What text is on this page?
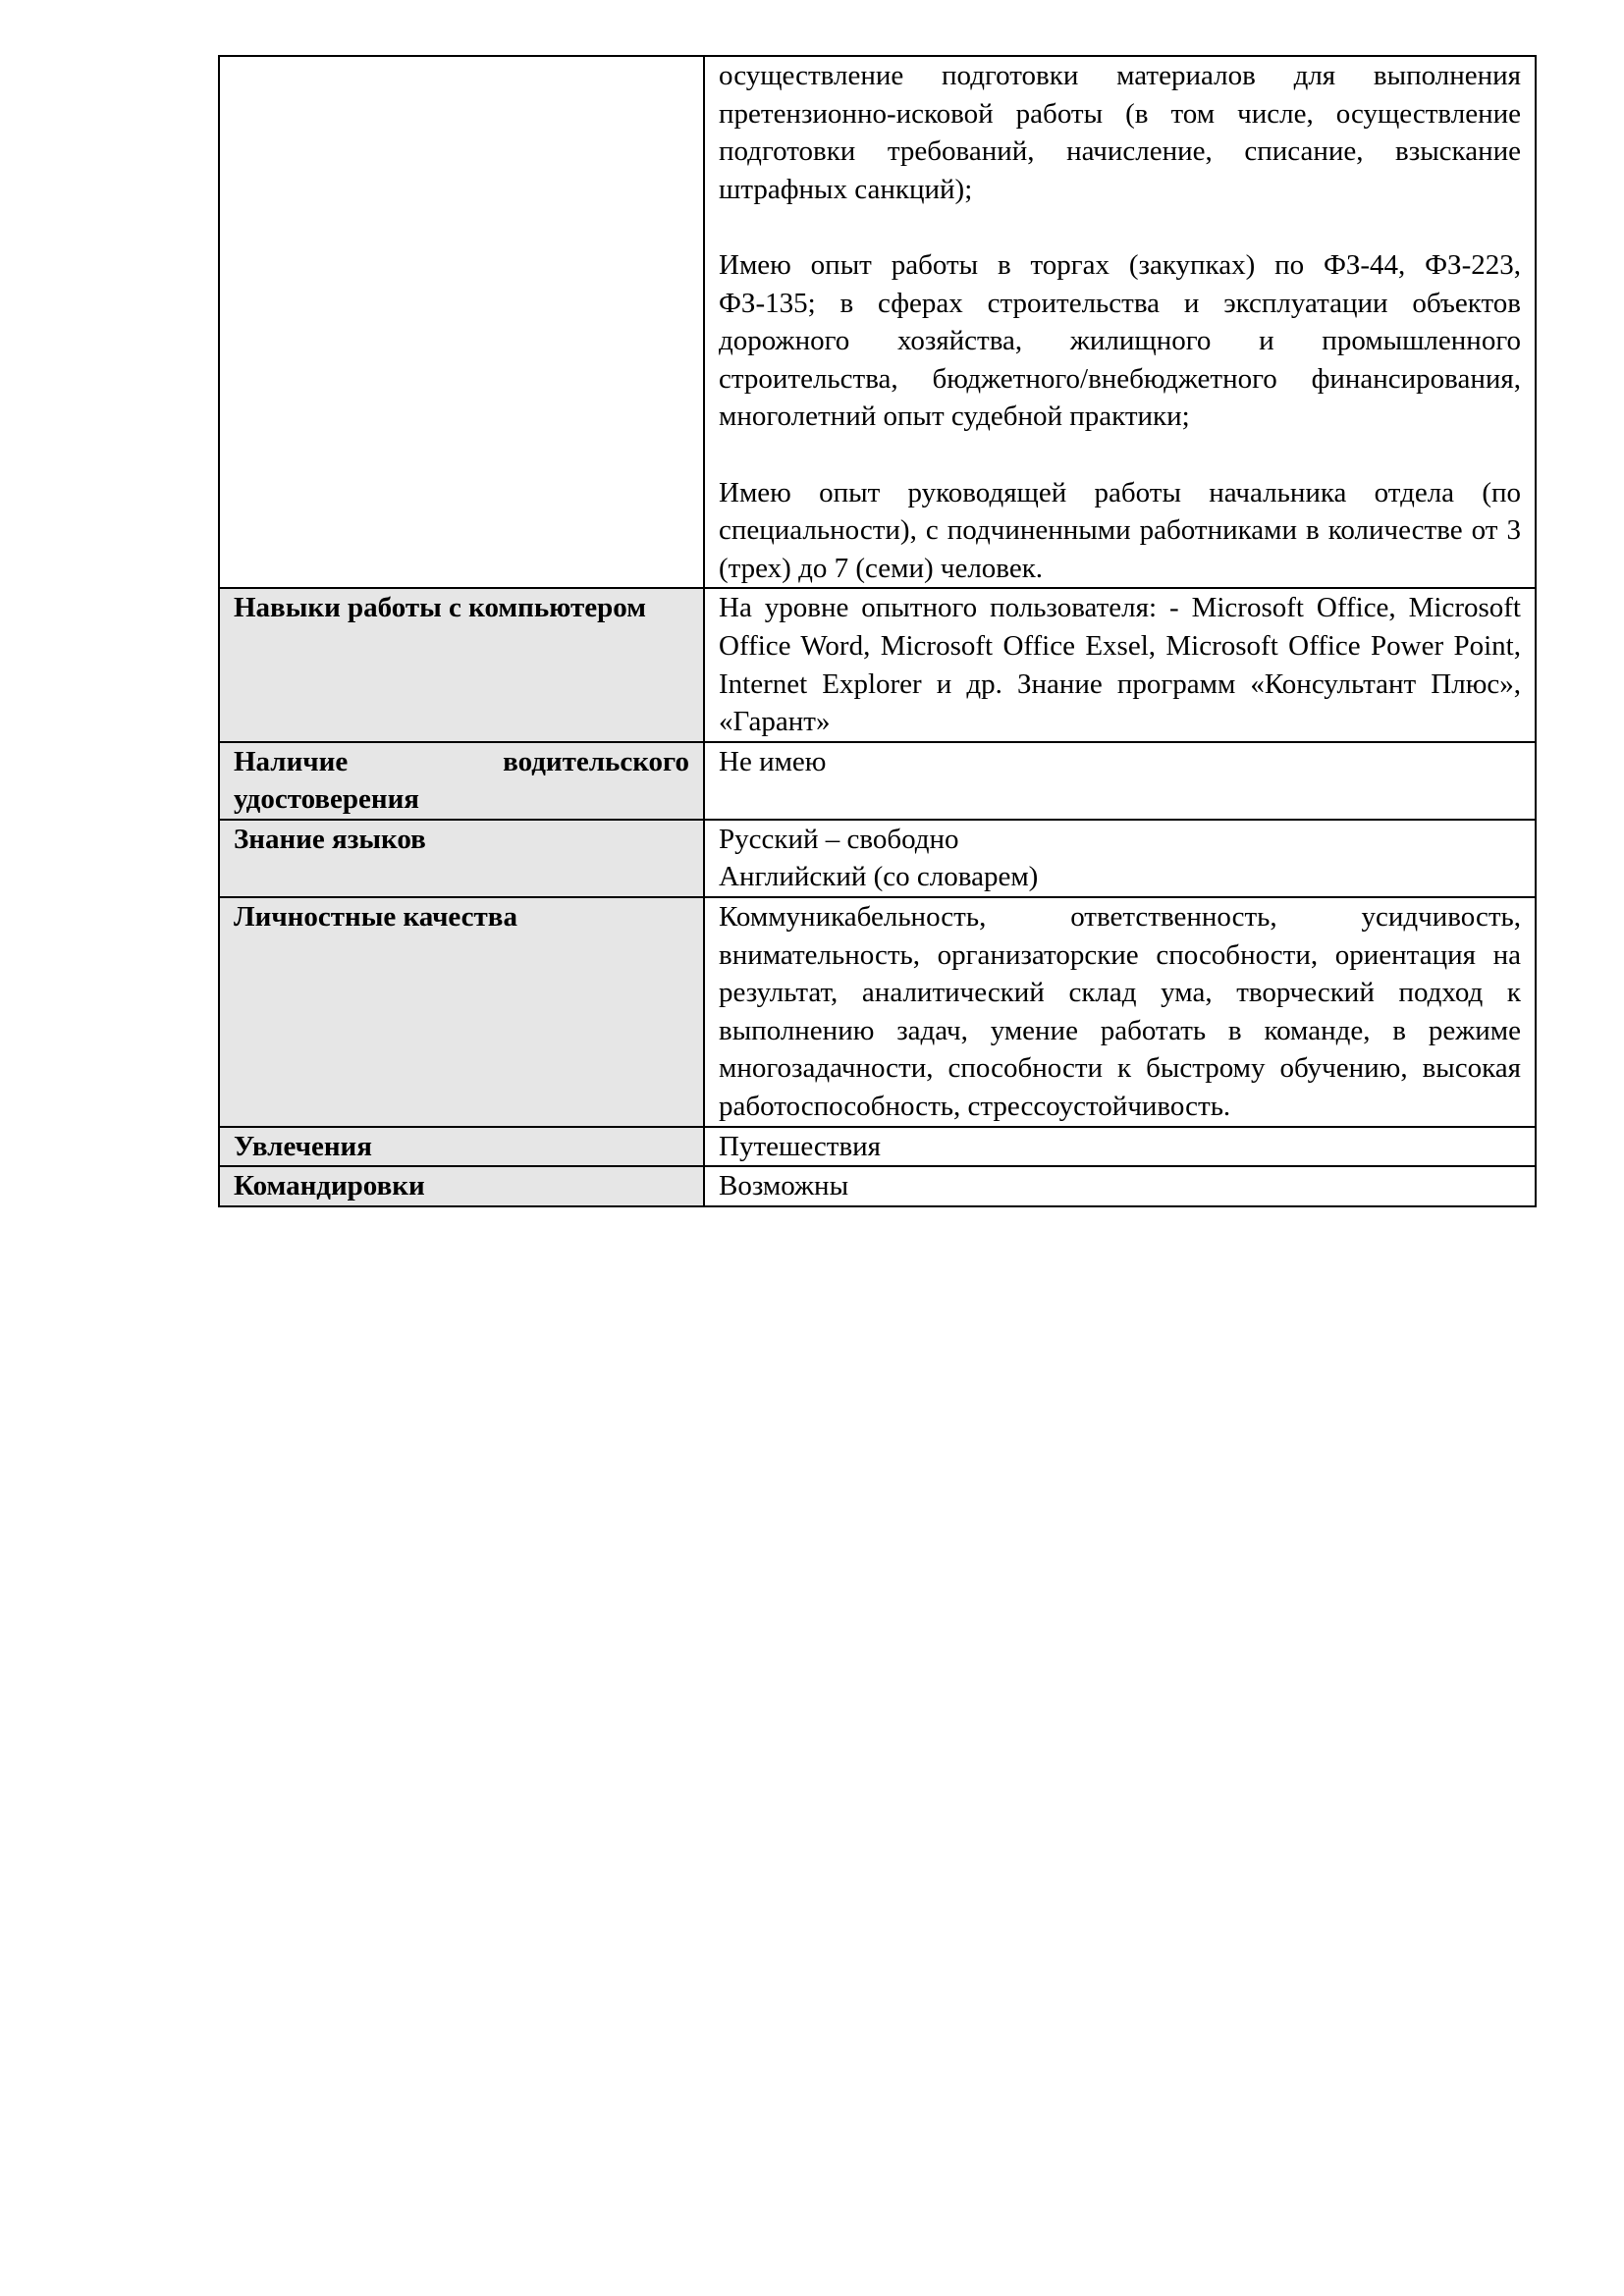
	осуществление подготовки материалов для выполнения претензионно-исковой работы (в том числе, осуществление подготовки требований, начисление, списание, взыскание штрафных санкций);
Имею опыт работы в торгах (закупках) по ФЗ-44, ФЗ-223, ФЗ-135; в сферах строительства и эксплуатации объектов дорожного хозяйства, жилищного и промышленного строительства, бюджетного/внебюджетного финансирования, многолетний опыт судебной практики;
Имею опыт руководящей работы начальника отдела (по специальности), с подчиненными работниками в количестве от 3 (трех) до 7 (семи) человек.

Навыки работы с компьютером	На уровне опытного пользователя: - Microsoft Office, Microsoft Office Word, Microsoft Office Exsel, Microsoft Office Power Point, Internet Explorer и др. Знание программ «Консультант Плюс», «Гарант»
Наличие водительского удостоверения	Не имею
Знание языков	Русский – свободно
Английский (со словарем)

Личностные качества	Коммуникабельность, ответственность, усидчивость, внимательность, организаторские способности, ориентация на результат, аналитический склад ума, творческий подход к выполнению задач, умение работать в команде, в режиме многозадачности, способности к быстрому обучению, высокая работоспособность, стрессоустойчивость.
Увлечения	Путешествия
Командировки	Возможны
